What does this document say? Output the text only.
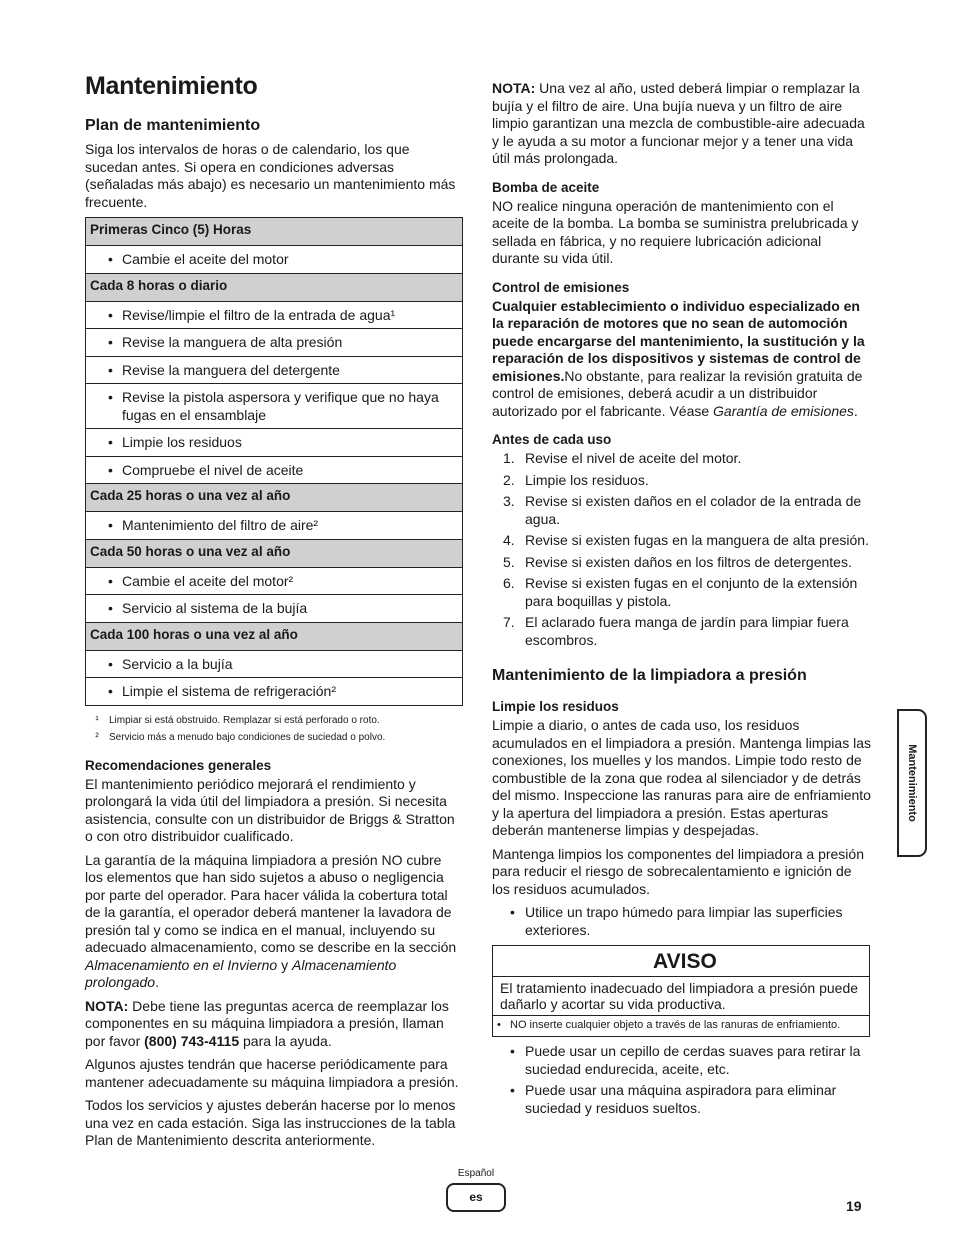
Mantenimiento
Plan de mantenimiento

Siga los intervalos de horas o de calendario, los que sucedan antes. Si opera en condiciones adversas (señaladas más abajo) es necesario un mantenimiento más frecuente.

Primeras Cinco (5) Horas
• Cambie el aceite del motor
Cada 8 horas o diario
• Revise/limpie el filtro de la entrada de agua¹
• Revise la manguera de alta presión
• Revise la manguera del detergente
• Revise la pistola aspersora y verifique que no haya fugas en el ensamblaje
• Limpie los residuos
• Compruebe el nivel de aceite
Cada 25 horas o una vez al año
• Mantenimiento del filtro de aire²
Cada 50 horas o una vez al año
• Cambie el aceite del motor²
• Servicio al sistema de la bujía
Cada 100 horas o una vez al año
• Servicio a la bujía
• Limpie el sistema de refrigeración²
¹ Limpiar si está obstruido. Remplazar si está perforado o roto.
² Servicio más a menudo bajo condiciones de suciedad o polvo.
Recomendaciones generales

El mantenimiento periódico mejorará el rendimiento y prolongará la vida útil del limpiadora a presión. Si necesita asistencia, consulte con un distribuidor de Briggs & Stratton o con otro distribuidor cualificado.

La garantía de la máquina limpiadora a presión NO cubre los elementos que han sido sujetos a abuso o negligencia por parte del operador. Para hacer válida la cobertura total de la garantía, el operador deberá mantener la lavadora de presión tal y como se indica en el manual, incluyendo su adecuado almacenamiento, como se describe en la sección Almacenamiento en el Invierno y Almacenamiento prolongado.

NOTA: Debe tiene las preguntas acerca de reemplazar los componentes en su máquina limpiadora a presión, llaman por favor (800) 743-4115 para la ayuda.

Algunos ajustes tendrán que hacerse periódicamente para mantener adecuadamente su máquina limpiadora a presión.

Todos los servicios y ajustes deberán hacerse por lo menos una vez en cada estación. Siga las instrucciones de la tabla Plan de Mantenimiento descrita anteriormente.

NOTA: Una vez al año, usted deberá limpiar o remplazar la bujía y el filtro de aire. Una bujía nueva y un filtro de aire limpio garantizan una mezcla de combustible-aire adecuada y le ayuda a su motor a funcionar mejor y a tener una vida útil más prolongada.

Bomba de aceite

NO realice ninguna operación de mantenimiento con el aceite de la bomba. La bomba se suministra prelubricada y sellada en fábrica, y no requiere lubricación adicional durante su vida útil.

Control de emisiones

Cualquier establecimiento o individuo especializado en la reparación de motores que no sean de automoción puede encargarse del mantenimiento, la sustitución y la reparación de los dispositivos y sistemas de control de emisiones.No obstante, para realizar la revisión gratuita de control de emisiones, deberá acudir a un distribuidor autorizado por el fabricante. Véase Garantía de emisiones.

Antes de cada uso
1. Revise el nivel de aceite del motor.
2. Limpie los residuos.
3. Revise si existen daños en el colador de la entrada de agua.
4. Revise si existen fugas en la manguera de alta presión.
5. Revise si existen daños en los filtros de detergentes.
6. Revise si existen fugas en el conjunto de la extensión para boquillas y pistola.
7. El aclarado fuera manga de jardín para limpiar fuera escombros.
Mantenimiento de la limpiadora a presión
Limpie los residuos

Limpie a diario, o antes de cada uso, los residuos acumulados en el limpiadora a presión. Mantenga limpias las conexiones, los muelles y los mandos. Limpie todo resto de combustible de la zona que rodea al silenciador y de detrás del mismo. Inspeccione las ranuras para aire de enfriamiento y la apertura del limpiadora a presión. Estas aperturas deberán mantenerse limpias y despejadas.

Mantenga limpios los componentes del limpiadora a presión para reducir el riesgo de sobrecalentamiento e ignición de los residuos acumulados.

• Utilice un trapo húmedo para limpiar las superficies exteriores.
AVISO
El tratamiento inadecuado del limpiadora a presión puede dañarlo y acortar su vida productiva.
• NO inserte cualquier objeto a través de las ranuras de enfriamiento.
• Puede usar un cepillo de cerdas suaves para retirar la suciedad endurecida, aceite, etc.
• Puede usar una máquina aspiradora para eliminar suciedad y residuos sueltos.
Mantenimiento
Español
es
19
